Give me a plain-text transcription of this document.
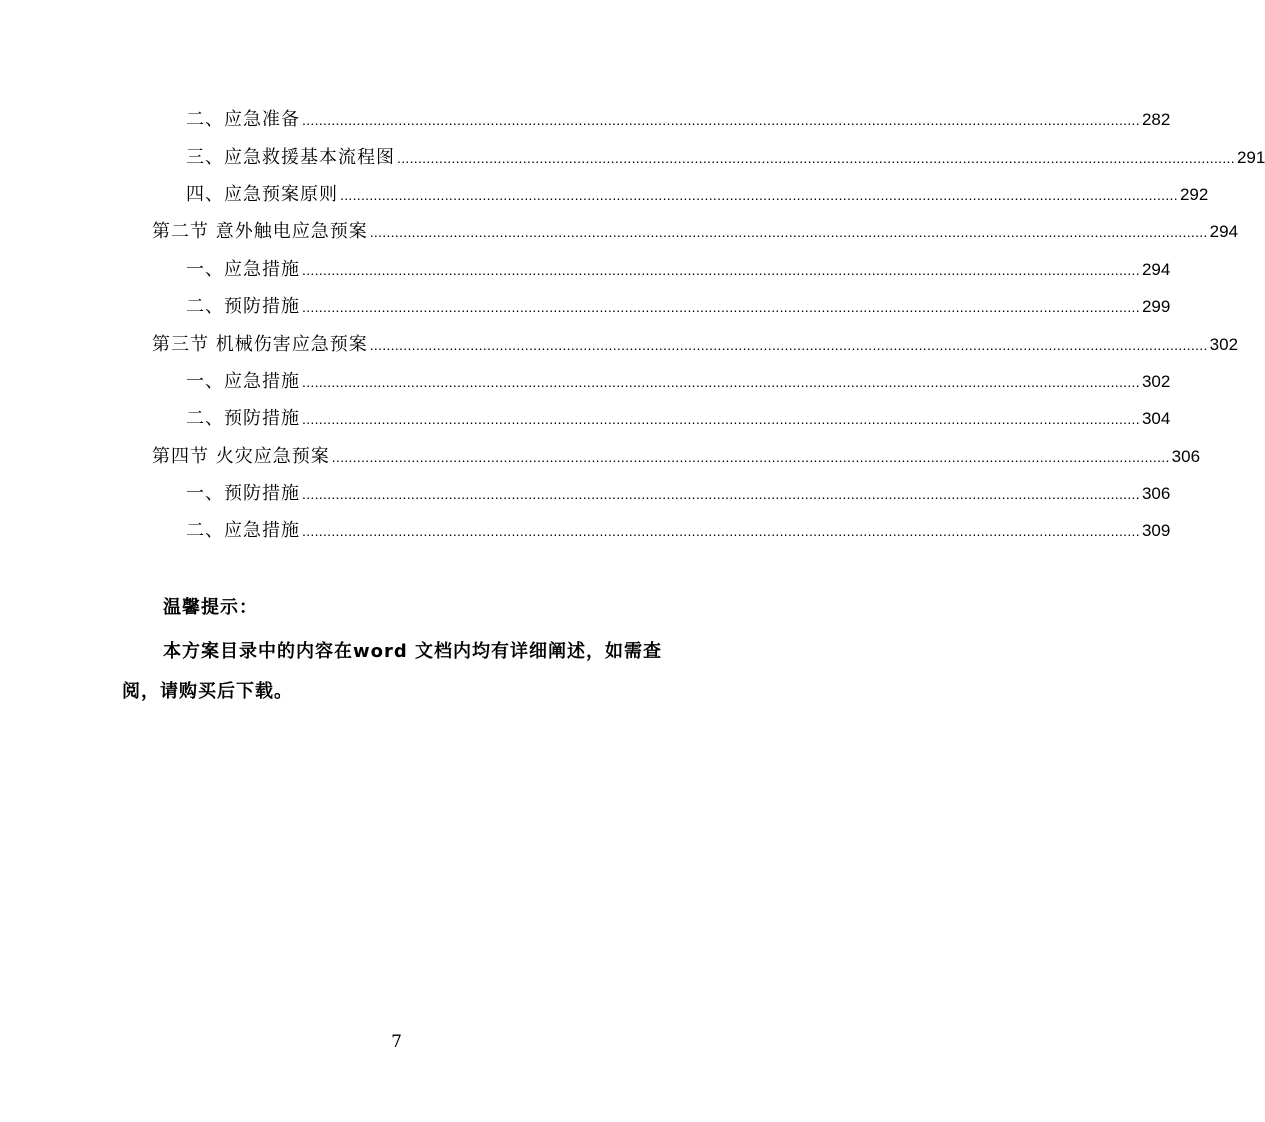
二、应急准备 ........................................................................................................................................................................................................ 282
三、应急救援基本流程图 ........................................................................................................................................................................................................ 291
四、应急预案原则 ........................................................................................................................................................................................................ 292
第二节 意外触电应急预案 ........................................................................................................................................................................................................ 294
一、应急措施 ........................................................................................................................................................................................................ 294
二、预防措施 ........................................................................................................................................................................................................ 299
第三节 机械伤害应急预案 ........................................................................................................................................................................................................ 302
一、应急措施 ........................................................................................................................................................................................................ 302
二、预防措施 ........................................................................................................................................................................................................ 304
第四节 火灾应急预案 ........................................................................................................................................................................................................ 306
一、预防措施 ........................................................................................................................................................................................................ 306
二、应急措施 ........................................................................................................................................................................................................ 309
温馨提示：
本方案目录中的内容在word 文档内均有详细阐述，如需查阅，请购买后下载。
7
